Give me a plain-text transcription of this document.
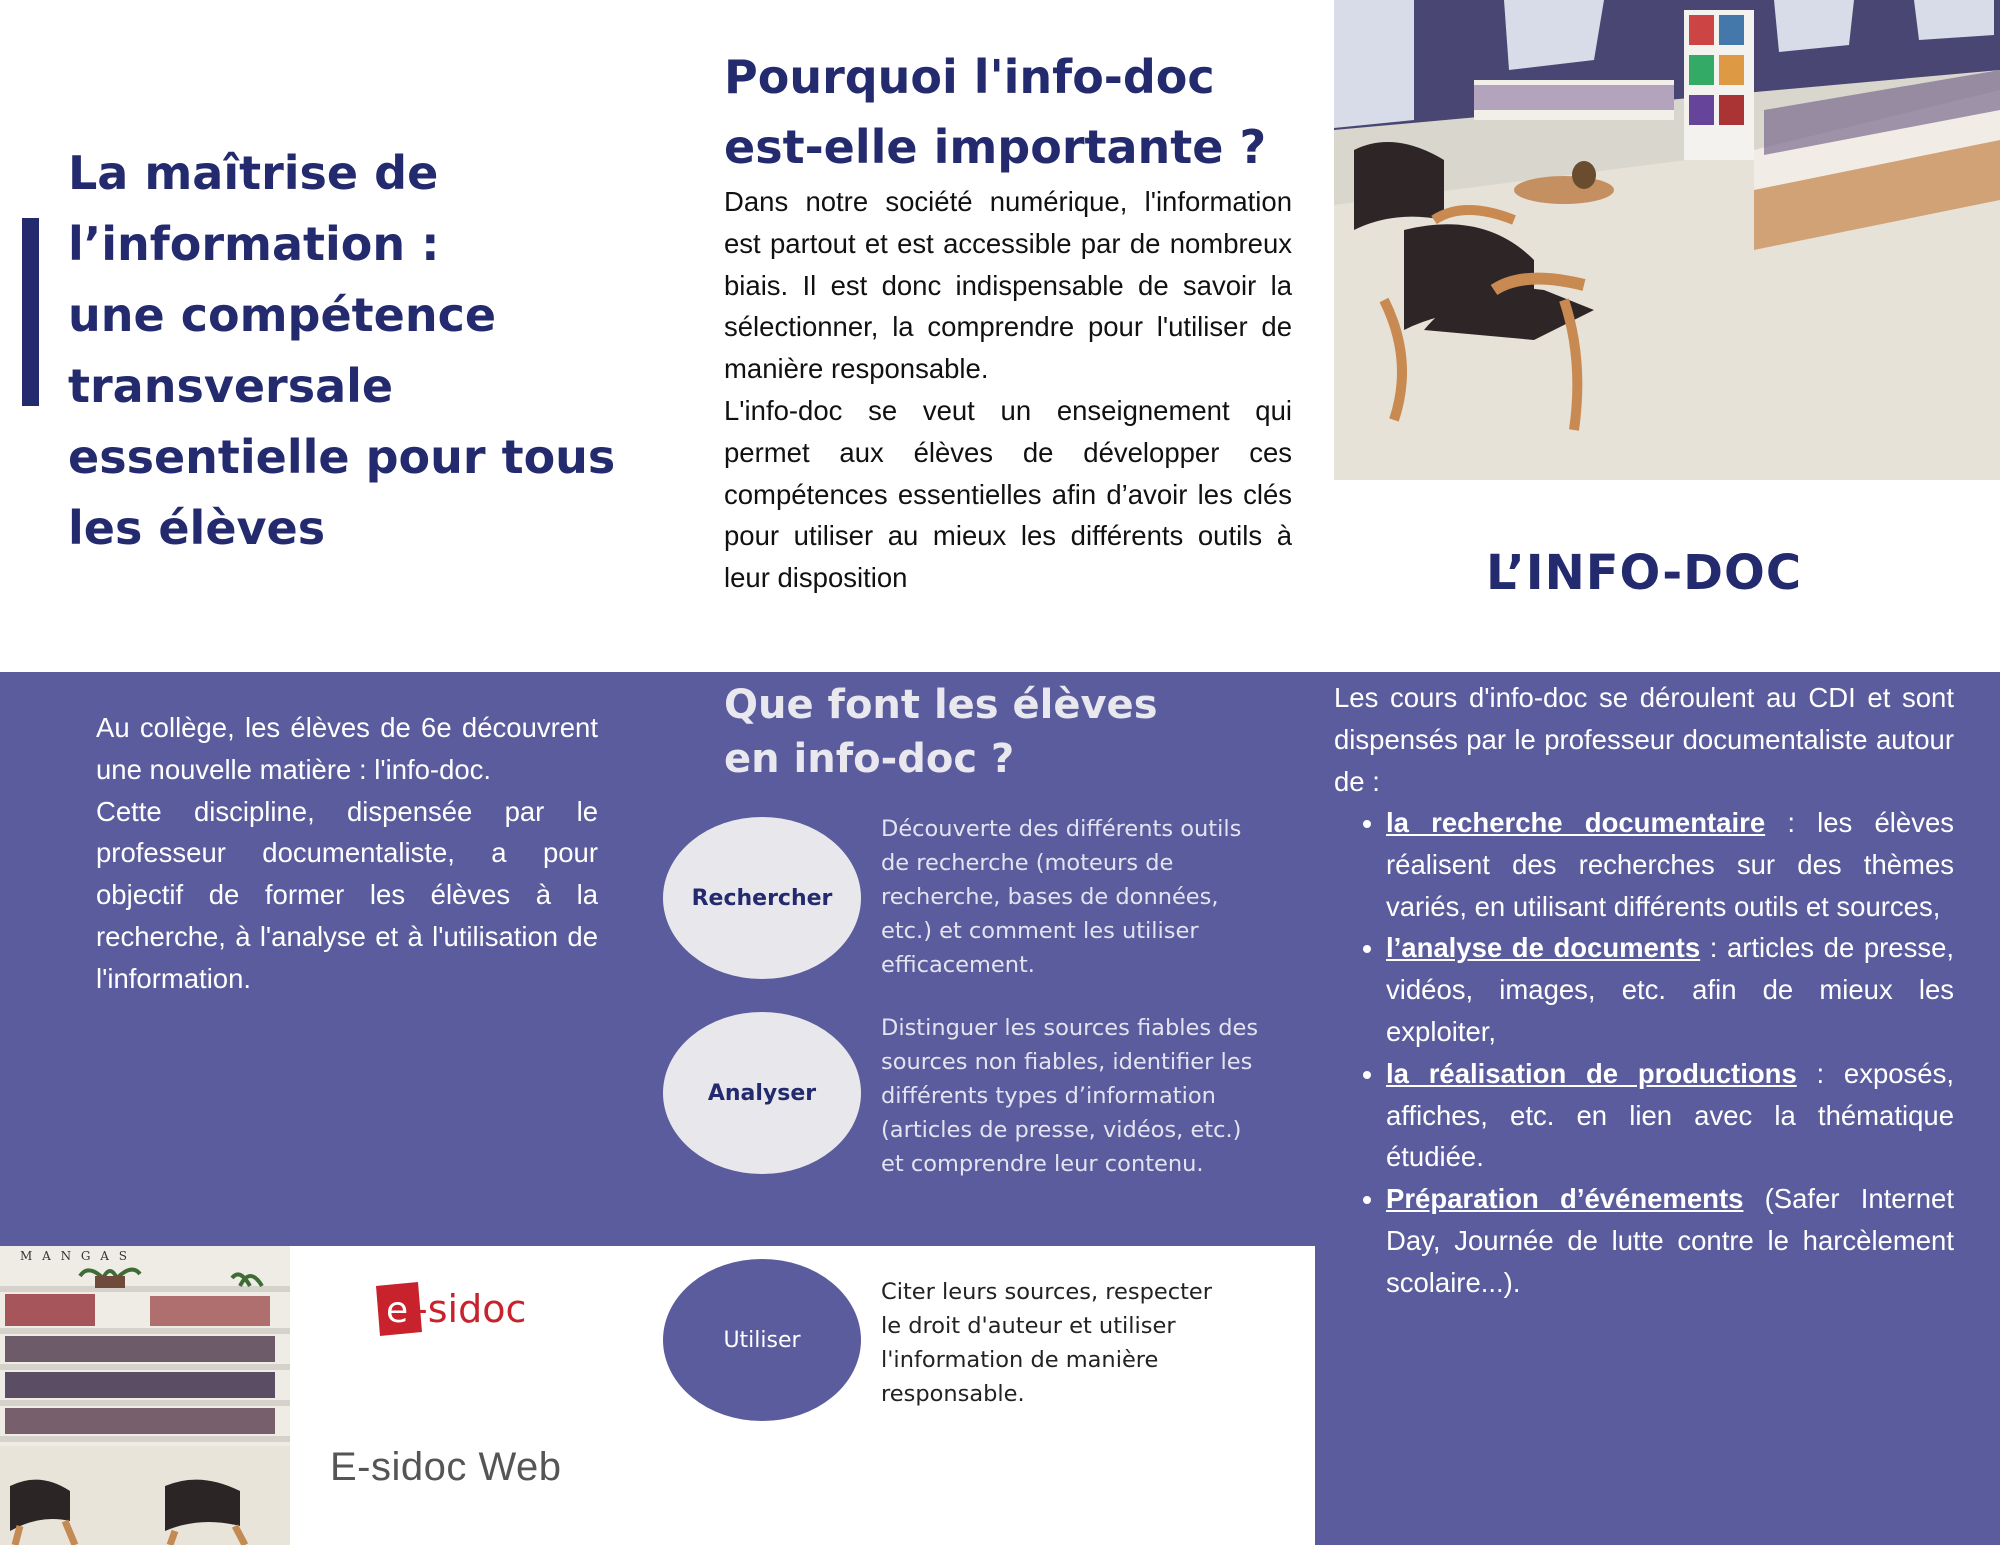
La maîtrise de
l’information :
une compétence
transversale
essentielle pour tous
les élèves
Pourquoi l'info-doc
est-elle importante ?

Dans notre société numérique, l'information est partout et est accessible par de nombreux biais. Il est donc indispensable de savoir la sélectionner, la comprendre pour l'utiliser de manière responsable.

L'info-doc se veut un enseignement qui permet aux élèves de développer ces compétences essentielles afin d’avoir les clés pour utiliser au mieux les différents outils à leur disposition	L’INFO-DOC

Au collège, les élèves de 6e découvrent une nouvelle matière : l'info-doc.

Cette discipline, dispensée par le professeur documentaliste, a pour objectif de former les élèves à la recherche, à l'analyse et à l'utilisation de l'information.

Que font les élèves
en info-doc ?
Rechercher

Découverte des différents outils de recherche (moteurs de recherche, bases de données, etc.) et comment les utiliser efficacement.

Analyser

Distinguer les sources fiables des sources non fiables, identifier les différents types d’information (articles de presse, vidéos, etc.) et comprendre leur contenu.

Utiliser

Citer leurs sources, respecter le droit d'auteur et utiliser l'information de manière responsable.

Les cours d'info-doc se déroulent au CDI et sont dispensés par le professeur documentaliste autour de :

• la recherche documentaire : les élèves réalisent des recherches sur des thèmes variés, en utilisant différents outils et sources,
• l’analyse de documents : articles de presse, vidéos, images, etc. afin de mieux les exploiter,
• la réalisation de productions : exposés, affiches, etc. en lien avec la thématique étudiée.
• Préparation d’événements (Safer Internet Day, Journée de lutte contre le harcèlement scolaire...).
M A N G A S
e -sidoc

E-sidoc Web
